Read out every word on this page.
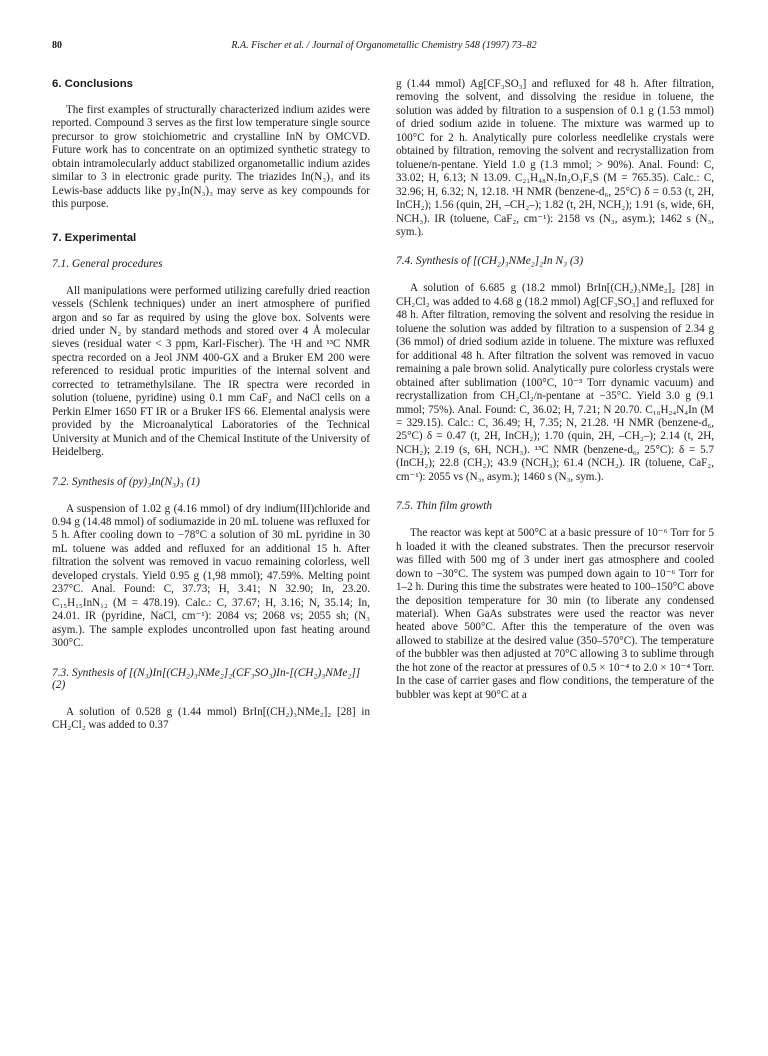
80	R.A. Fischer et al. / Journal of Organometallic Chemistry 548 (1997) 73–82
6. Conclusions

The first examples of structurally characterized indium azides were reported. Compound 3 serves as the first low temperature single source precursor to grow stoichiometric and crystalline InN by OMCVD. Future work has to concentrate on an optimized synthetic strategy to obtain intramolecularly adduct stabilized organometallic indium azides similar to 3 in electronic grade purity. The triazides In(N₃)₃ and its Lewis-base adducts like py₃In(N₃)₃ may serve as key compounds for this purpose.

7. Experimental
7.1. General procedures

All manipulations were performed utilizing carefully dried reaction vessels (Schlenk techniques) under an inert atmosphere of purified argon and so far as required by using the glove box. Solvents were dried under N₂ by standard methods and stored over 4 Å molecular sieves (residual water < 3 ppm, Karl-Fischer). The ¹H and ¹³C NMR spectra recorded on a Jeol JNM 400-GX and a Bruker EM 200 were referenced to residual protic impurities of the internal solvent and corrected to tetramethylsilane. The IR spectra were recorded in solution (toluene, pyridine) using 0.1 mm CaF₂ and NaCl cells on a Perkin Elmer 1650 FT IR or a Bruker IFS 66. Elemental analysis were provided by the Microanalytical Laboratories of the Technical University at Munich and of the Chemical Institute of the University of Heidelberg.

7.2. Synthesis of (py)₃In(N₃)₃ (1)

A suspension of 1.02 g (4.16 mmol) of dry indium(III)chloride and 0.94 g (14.48 mmol) of sodiumazide in 20 mL toluene was refluxed for 5 h. After cooling down to −78°C a solution of 30 mL pyridine in 30 mL toluene was added and refluxed for an additional 15 h. After filtration the solvent was removed in vacuo remaining colorless, well developed crystals. Yield 0.95 g (1,98 mmol); 47.59%. Melting point 237°C. Anal. Found: C, 37.73; H, 3.41; N 32.90; In, 23.20. C₁₅H₁₅InN₁₂ (M = 478.19). Calc.: C, 37.67; H, 3.16; N, 35.14; In, 24.01. IR (pyridine, NaCl, cm⁻¹): 2084 vs; 2068 vs; 2055 sh; (N₃ asym.). The sample explodes uncontrolled upon fast heating around 300°C.

7.3. Synthesis of [(N₃)In[(CH₂)₃NMe₂]₂(CF₃SO₃)In-[(CH₂)₃NMe₂]] (2)

A solution of 0.528 g (1.44 mmol) BrIn[(CH₂)₃NMe₂]₂ [28] in CH₂Cl₂ was added to 0.37

g (1.44 mmol) Ag[CF₃SO₃] and refluxed for 48 h. After filtration, removing the solvent, and dissolving the residue in toluene, the solution was added by filtration to a suspension of 0.1 g (1.53 mmol) of dried sodium azide in toluene. The mixture was warmed up to 100°C for 2 h. Analytically pure colorless needlelike crystals were obtained by filtration, removing the solvent and recrystallization from toluene/n-pentane. Yield 1.0 g (1.3 mmol; > 90%). Anal. Found: C, 33.02; H, 6.13; N 13.09. C₂₁H₄₈N₇In₂O₃F₃S (M = 765.35). Calc.: C, 32.96; H, 6.32; N, 12.18. ¹H NMR (benzene-d₆, 25°C) δ = 0.53 (t, 2H, InCH₂); 1.56 (quin, 2H, –CH₂–); 1.82 (t, 2H, NCH₂); 1.91 (s, wide, 6H, NCH₃). IR (toluene, CaF₂, cm⁻¹): 2158 vs (N₃, asym.); 1462 s (N₃, sym.).

7.4. Synthesis of [(CH₂)₃NMe₂]₂In N₃ (3)

A solution of 6.685 g (18.2 mmol) BrIn[(CH₂)₃NMe₂]₂ [28] in CH₂Cl₂ was added to 4.68 g (18.2 mmol) Ag[CF₃SO₃] and refluxed for 48 h. After filtration, removing the solvent and resolving the residue in toluene the solution was added by filtration to a suspension of 2.34 g (36 mmol) of dried sodium azide in toluene. The mixture was refluxed for additional 48 h. After filtration the solvent was removed in vacuo remaining a pale brown solid. Analytically pure colorless crystals were obtained after sublimation (100°C, 10⁻³ Torr dynamic vacuum) and recrystallization from CH₂Cl₂/n-pentane at −35°C. Yield 3.0 g (9.1 mmol; 75%). Anal. Found: C, 36.02; H, 7.21; N 20.70. C₁₀H₂₄N₄In (M = 329.15). Calc.: C, 36.49; H, 7.35; N, 21.28. ¹H NMR (benzene-d₆, 25°C) δ = 0.47 (t, 2H, InCH₂); 1.70 (quin, 2H, –CH₂–); 2.14 (t, 2H, NCH₂); 2.19 (s, 6H, NCH₃). ¹³C NMR (benzene-d₆, 25°C): δ = 5.7 (InCH₂); 22.8 (CH₂); 43.9 (NCH₃); 61.4 (NCH₂). IR (toluene, CaF₂, cm⁻¹): 2055 vs (N₃, asym.); 1460 s (N₃, sym.).

7.5. Thin film growth

The reactor was kept at 500°C at a basic pressure of 10⁻⁶ Torr for 5 h loaded it with the cleaned substrates. Then the precursor reservoir was filled with 500 mg of 3 under inert gas atmosphere and cooled down to −30°C. The system was pumped down again to 10⁻⁶ Torr for 1–2 h. During this time the substrates were heated to 100–150°C above the deposition temperature for 30 min (to liberate any condensed material). When GaAs substrates were used the reactor was never heated above 500°C. After this the temperature of the oven was allowed to stabilize at the desired value (350–570°C). The temperature of the bubbler was then adjusted at 70°C allowing 3 to sublime through the hot zone of the reactor at pressures of 0.5 × 10⁻⁴ to 2.0 × 10⁻⁴ Torr. In the case of carrier gases and flow conditions, the temperature of the bubbler was kept at 90°C at a
